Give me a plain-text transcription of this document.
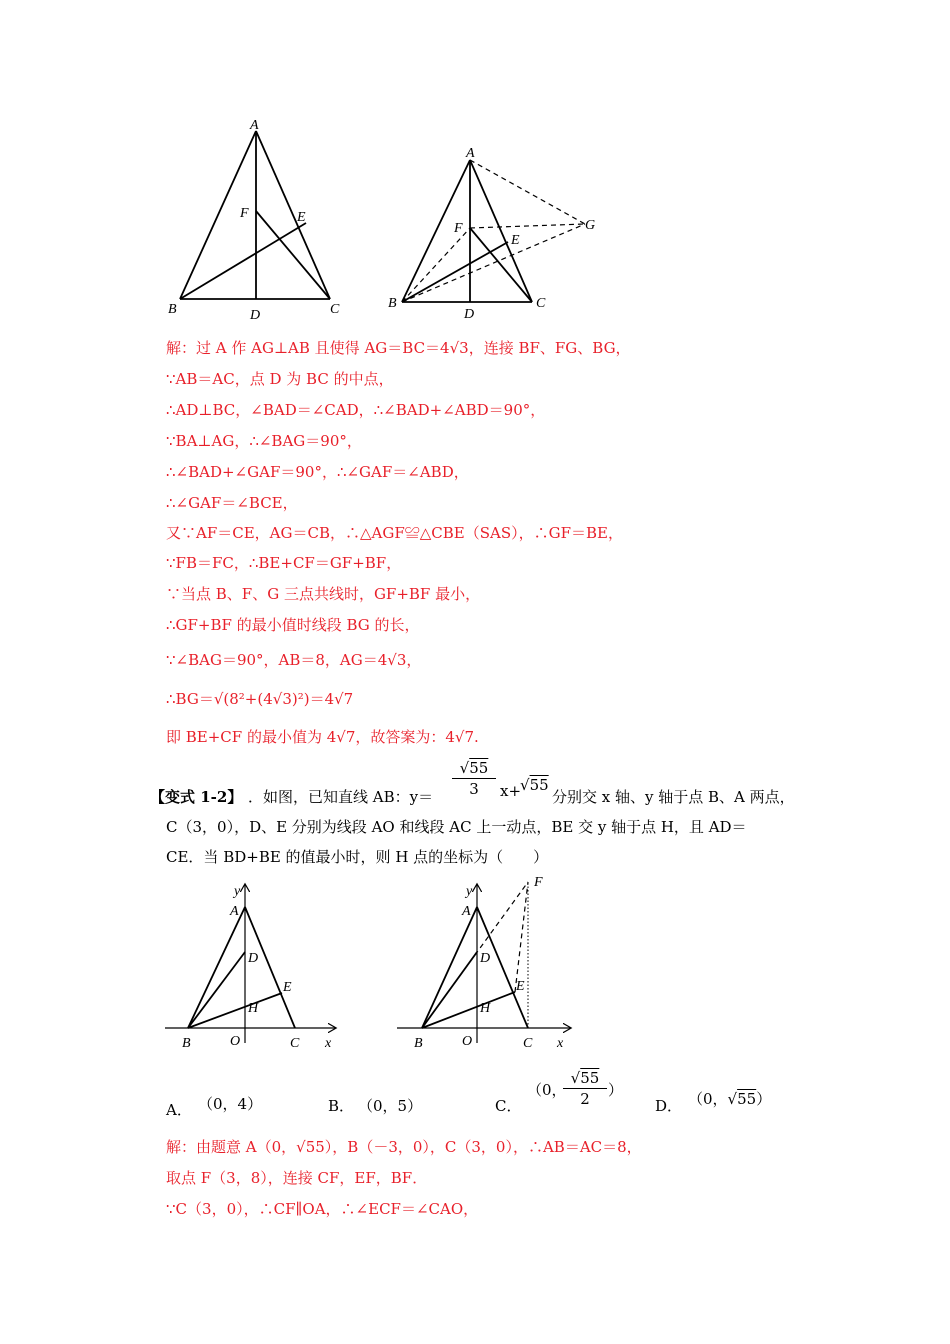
A
B	C
D
E
F
A
B	C
D
E
F	G
解：过 A 作 AG⊥AB 且使得 AG＝BC＝4√3，连接 BF、FG、BG，
∵AB＝AC，点 D 为 BC 的中点，
∴AD⊥BC，∠BAD＝∠CAD，∴∠BAD+∠ABD＝90°，
∵BA⊥AG，∴∠BAG＝90°，
∴∠BAD+∠GAF＝90°，∴∠GAF＝∠ABD，
∴∠GAF＝∠BCE，
又∵AF＝CE，AG＝CB，∴△AGF≌△CBE（SAS），∴GF＝BE，
∵FB＝FC，∴BE+CF＝GF+BF，
∵当点 B、F、G 三点共线时，GF+BF 最小，
∴GF+BF 的最小值时线段 BG 的长，
∵∠BAG＝90°，AB＝8，AG＝4√3，
∴BG＝√(8²+(4√3)²)＝4√7
即 BE+CF 的最小值为 4√7，故答案为：4√7.
【变式 1-2】 ．如图，已知直线 AB：y＝
√55
3	x+
√55
分别交 x 轴、y 轴于点 B、A 两点，
C（3，0），D、E 分别为线段 AO 和线段 AC 上一动点，BE 交 y 轴于点 H，且 AD＝
CE．当 BD+BE 的值最小时，则 H 点的坐标为（　　）
y
A
D
E
H
B	O	C x
y
A
D
E
H
B	O	C x
F
A． （0，4）	B． （0，5）	C．
（0，
√55
2	）
D． （0，√55）
解：由题意 A（0，√55），B（－3，0），C（3，0），∴AB＝AC＝8，
取点 F（3，8），连接 CF，EF，BF．
∵C（3，0），∴CF∥OA，∴∠ECF＝∠CAO，
